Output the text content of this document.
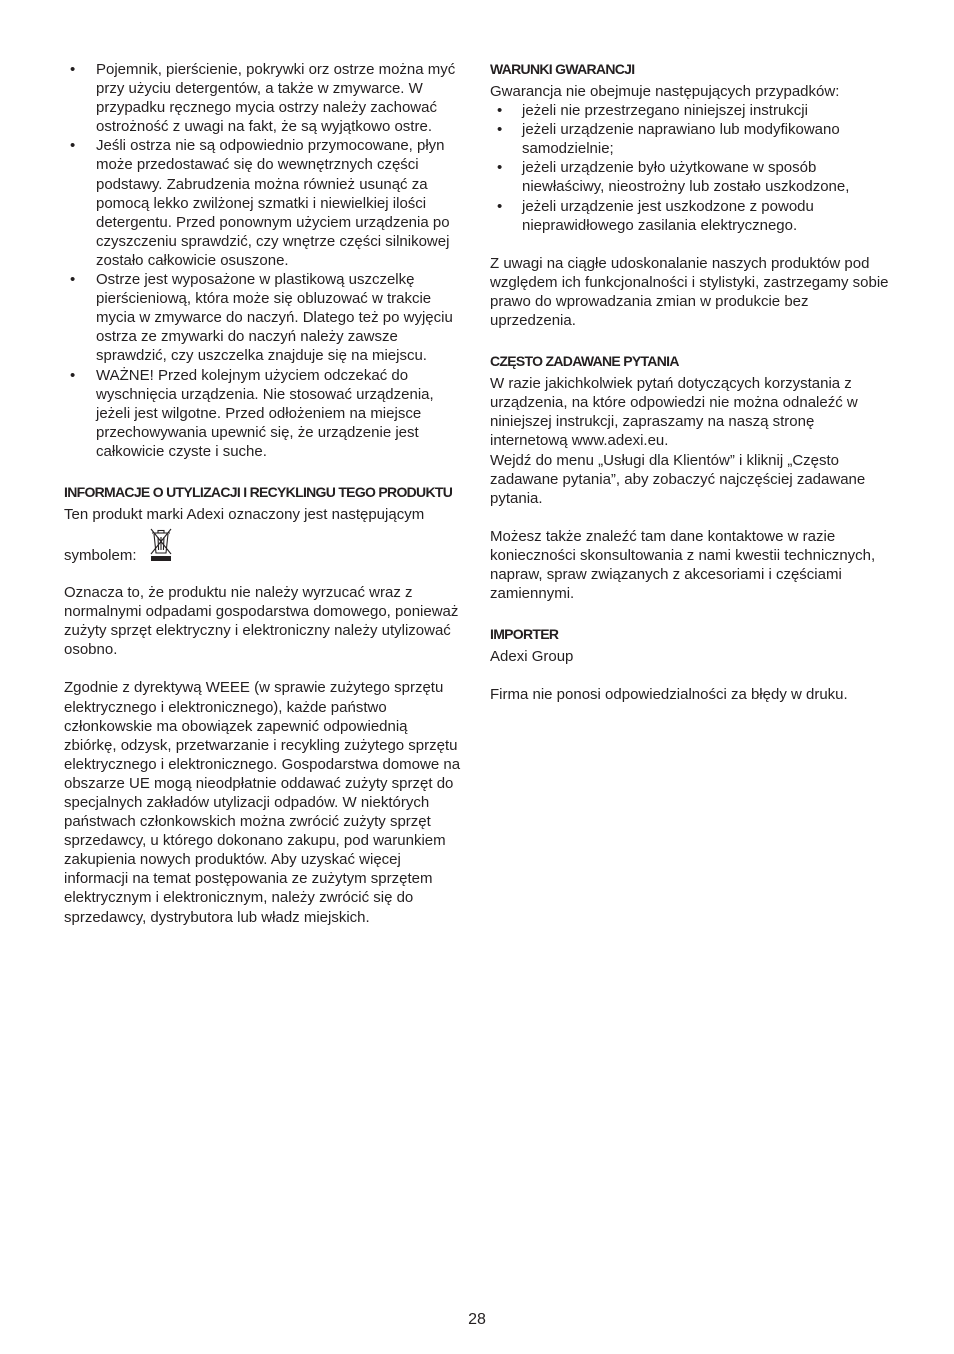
• Pojemnik, pierścienie, pokrywki orz ostrze można myć przy użyciu detergentów, a także w zmywarce. W przypadku ręcznego mycia ostrzy należy zachować ostrożność z uwagi na fakt, że są wyjątkowo ostre.
• Jeśli ostrza nie są odpowiednio przymocowane, płyn może przedostawać się do wewnętrznych części podstawy. Zabrudzenia można również usunąć za pomocą lekko zwilżonej szmatki i niewielkiej ilości detergentu. Przed ponownym użyciem urządzenia po czyszczeniu sprawdzić, czy wnętrze części silnikowej zostało całkowicie osuszone.
• Ostrze jest wyposażone w plastikową uszczelkę pierścieniową, która może się obluzować w trakcie mycia w zmywarce do naczyń. Dlatego też po wyjęciu ostrza ze zmywarki do naczyń należy zawsze sprawdzić, czy uszczelka znajduje się na miejscu.
• WAŻNE! Przed kolejnym użyciem odczekać do wyschnięcia urządzenia. Nie stosować urządzenia, jeżeli jest wilgotne. Przed odłożeniem na miejsce przechowywania upewnić się, że urządzenie jest całkowicie czyste i suche.
INFORMACJE O UTYLIZACJI I RECYKLINGU TEGO PRODUKTU

Ten produkt marki Adexi oznaczony jest następującym

symbolem:

Oznacza to, że produktu nie należy wyrzucać wraz z normalnymi odpadami gospodarstwa domowego, ponieważ zużyty sprzęt elektryczny i elektroniczny należy utylizować osobno.

Zgodnie z dyrektywą WEEE (w sprawie zużytego sprzętu elektrycznego i elektronicznego), każde państwo członkowskie ma obowiązek zapewnić odpowiednią zbiórkę, odzysk, przetwarzanie i recykling zużytego sprzętu elektrycznego i elektronicznego. Gospodarstwa domowe na obszarze UE mogą nieodpłatnie oddawać zużyty sprzęt do specjalnych zakładów utylizacji odpadów. W niektórych państwach członkowskich można zwrócić zużyty sprzęt sprzedawcy, u którego dokonano zakupu, pod warunkiem zakupienia nowych produktów. Aby uzyskać więcej informacji na temat postępowania ze zużytym sprzętem elektrycznym i elektronicznym, należy zwrócić się do sprzedawcy, dystrybutora lub władz miejskich.

WARUNKI GWARANCJI

Gwarancja nie obejmuje następujących przypadków:

• jeżeli nie przestrzegano niniejszej instrukcji
• jeżeli urządzenie naprawiano lub modyfikowano samodzielnie;
• jeżeli urządzenie było użytkowane w sposób niewłaściwy, nieostrożny lub zostało uszkodzone,
• jeżeli urządzenie jest uszkodzone z powodu nieprawidłowego zasilania elektrycznego.

Z uwagi na ciągłe udoskonalanie naszych produktów pod względem ich funkcjonalności i stylistyki, zastrzegamy sobie prawo do wprowadzania zmian w produkcie bez uprzedzenia.

CZĘSTO ZADAWANE PYTANIA

W razie jakichkolwiek pytań dotyczących korzystania z urządzenia, na które odpowiedzi nie można odnaleźć w niniejszej instrukcji, zapraszamy na naszą stronę internetową www.adexi.eu.

Wejdź do menu „Usługi dla Klientów” i kliknij „Często zadawane pytania”, aby zobaczyć najczęściej zadawane pytania.

Możesz także znaleźć tam dane kontaktowe w razie konieczności skonsultowania z nami kwestii technicznych, napraw, spraw związanych z akcesoriami i częściami zamiennymi.

IMPORTER

Adexi Group

Firma nie ponosi odpowiedzialności za błędy w druku.

28
